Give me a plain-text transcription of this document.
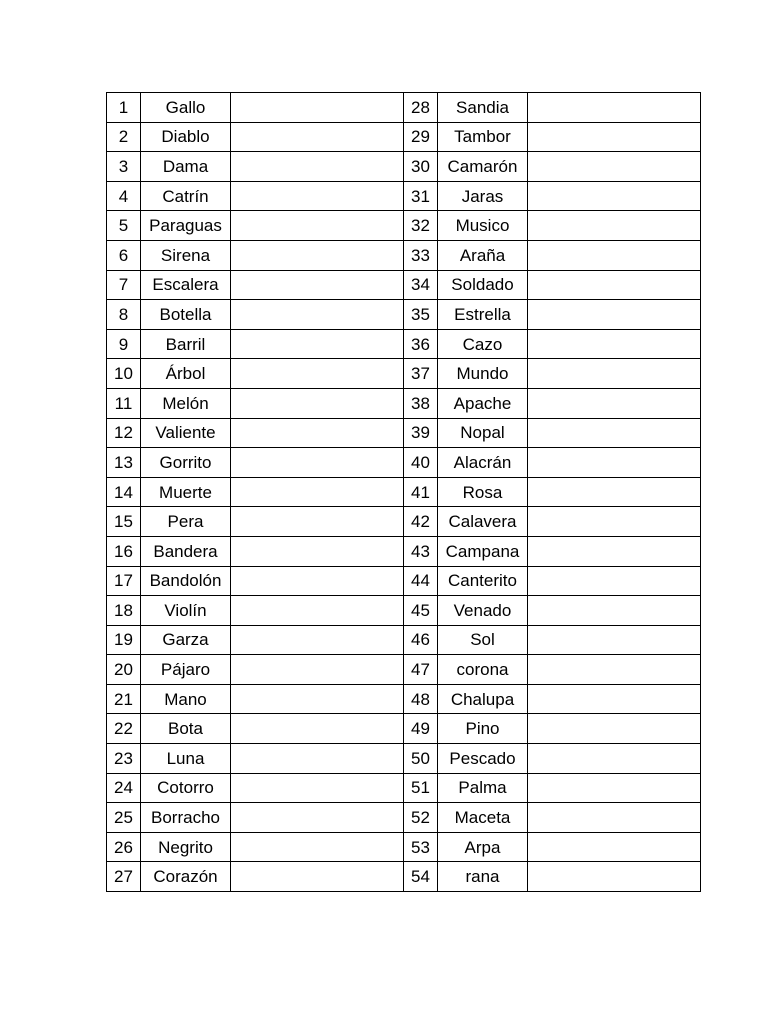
1	Gallo		28	Sandia	
2	Diablo		29	Tambor	
3	Dama		30	Camarón	
4	Catrín		31	Jaras	
5	Paraguas		32	Musico	
6	Sirena		33	Araña	
7	Escalera		34	Soldado	
8	Botella		35	Estrella	
9	Barril		36	Cazo	
10	Árbol		37	Mundo	
11	Melón		38	Apache	
12	Valiente		39	Nopal	
13	Gorrito		40	Alacrán	
14	Muerte		41	Rosa	
15	Pera		42	Calavera	
16	Bandera		43	Campana	
17	Bandolón		44	Canterito	
18	Violín		45	Venado	
19	Garza		46	Sol	
20	Pájaro		47	corona	
21	Mano		48	Chalupa	
22	Bota		49	Pino	
23	Luna		50	Pescado	
24	Cotorro		51	Palma	
25	Borracho		52	Maceta	
26	Negrito		53	Arpa	
27	Corazón		54	rana	
